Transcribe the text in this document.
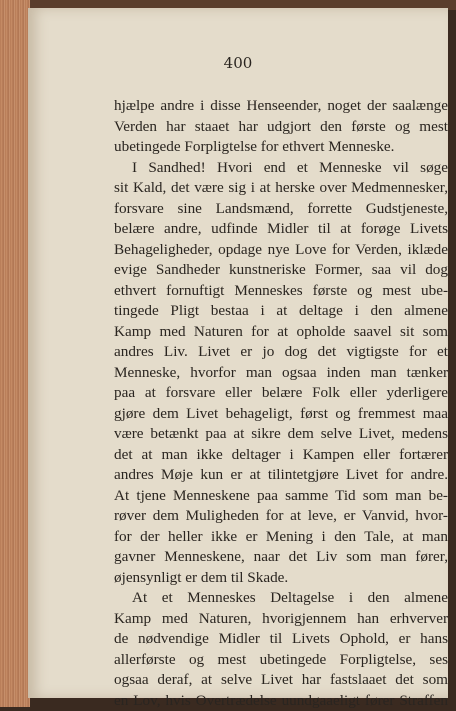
400
hjælpe andre i disse Henseender, noget der saalænge
Verden har staaet har udgjort den første og mest
ubetingede Forpligtelse for ethvert Menneske.
I Sandhed! Hvori end et Menneske vil søge
sit Kald, det være sig i at herske over Medmennesker,
forsvare sine Landsmænd, forrette Gudstjeneste,
belære andre, udfinde Midler til at forøge Livets
Behageligheder, opdage nye Love for Verden, iklæde
evige Sandheder kunstneriske Former, saa vil dog
ethvert fornuftigt Menneskes første og mest ube-
tingede Pligt bestaa i at deltage i den almene
Kamp med Naturen for at opholde saavel sit som
andres Liv. Livet er jo dog det vigtigste for et
Menneske, hvorfor man ogsaa inden man tænker
paa at forsvare eller belære Folk eller yderligere
gjøre dem Livet behageligt, først og fremmest maa
være betænkt paa at sikre dem selve Livet, medens
det at man ikke deltager i Kampen eller fortærer
andres Møje kun er at tilintetgjøre Livet for andre.
At tjene Menneskene paa samme Tid som man be-
røver dem Muligheden for at leve, er Vanvid, hvor-
for der heller ikke er Mening i den Tale, at man
gavner Menneskene, naar det Liv som man fører,
øjensynligt er dem til Skade.
At et Menneskes Deltagelse i den almene
Kamp med Naturen, hvorigjennem han erhverver
de nødvendige Midler til Livets Ophold, er hans
allerførste og mest ubetingede Forpligtelse, ses
ogsaa deraf, at selve Livet har fastslaaet det som
en Lov, hvis Overtrædelse uundgaaeligt fører Straffen
